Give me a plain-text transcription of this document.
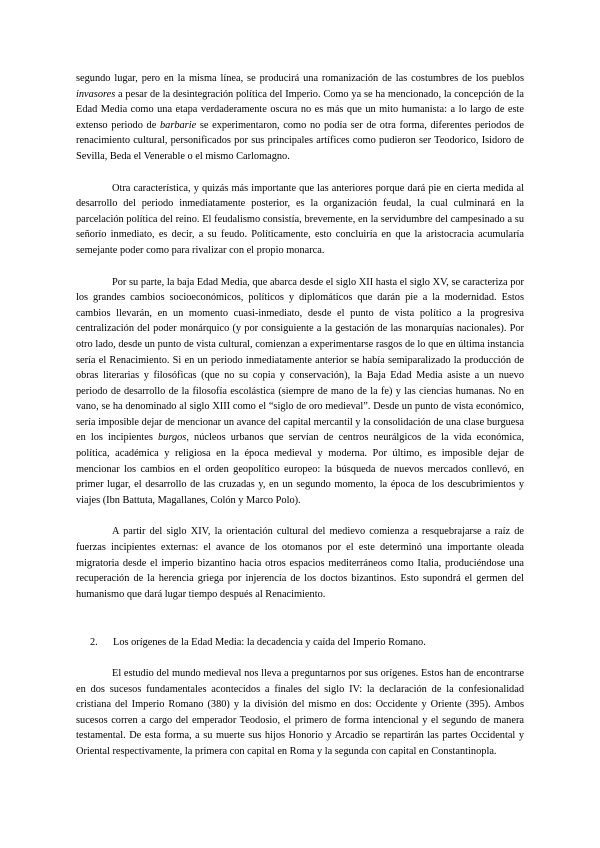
segundo lugar, pero en la misma línea, se producirá una romanización de las costumbres de los pueblos invasores a pesar de la desintegración política del Imperio. Como ya se ha mencionado, la concepción de la Edad Media como una etapa verdaderamente oscura no es más que un mito humanista: a lo largo de este extenso periodo de barbarie se experimentaron, como no podía ser de otra forma, diferentes periodos de renacimiento cultural, personificados por sus principales artífices como pudieron ser Teodorico, Isidoro de Sevilla, Beda el Venerable o el mismo Carlomagno.

Otra característica, y quizás más importante que las anteriores porque dará pie en cierta medida al desarrollo del periodo inmediatamente posterior, es la organización feudal, la cual culminará en la parcelación política del reino. El feudalismo consistía, brevemente, en la servidumbre del campesinado a su señorío inmediato, es decir, a su feudo. Políticamente, esto concluiría en que la aristocracia acumularía semejante poder como para rivalizar con el propio monarca.

Por su parte, la baja Edad Media, que abarca desde el siglo XII hasta el siglo XV, se caracteriza por los grandes cambios socioeconómicos, políticos y diplomáticos que darán pie a la modernidad. Estos cambios llevarán, en un momento cuasi-inmediato, desde el punto de vista político a la progresiva centralización del poder monárquico (y por consiguiente a la gestación de las monarquías nacionales). Por otro lado, desde un punto de vista cultural, comienzan a experimentarse rasgos de lo que en última instancia sería el Renacimiento. Si en un periodo inmediatamente anterior se había semiparalizado la producción de obras literarias y filosóficas (que no su copia y conservación), la Baja Edad Media asiste a un nuevo periodo de desarrollo de la filosofía escolástica (siempre de mano de la fe) y las ciencias humanas. No en vano, se ha denominado al siglo XIII como el “siglo de oro medieval”. Desde un punto de vista económico, sería imposible dejar de mencionar un avance del capital mercantil y la consolidación de una clase burguesa en los incipientes burgos, núcleos urbanos que servían de centros neurálgicos de la vida económica, política, académica y religiosa en la época medieval y moderna. Por último, es imposible dejar de mencionar los cambios en el orden geopolítico europeo: la búsqueda de nuevos mercados conllevó, en primer lugar, el desarrollo de las cruzadas y, en un segundo momento, la época de los descubrimientos y viajes (Ibn Battuta, Magallanes, Colón y Marco Polo).

A partir del siglo XIV, la orientación cultural del medievo comienza a resquebrajarse a raíz de fuerzas incipientes externas: el avance de los otomanos por el este determinó una importante oleada migratoria desde el imperio bizantino hacia otros espacios mediterráneos como Italia, produciéndose una recuperación de la herencia griega por injerencia de los doctos bizantinos. Esto supondrá el germen del humanismo que dará lugar tiempo después al Renacimiento.

2.	Los orígenes de la Edad Media: la decadencia y caída del Imperio Romano.

El estudio del mundo medieval nos lleva a preguntarnos por sus orígenes. Estos han de encontrarse en dos sucesos fundamentales acontecidos a finales del siglo IV: la declaración de la confesionalidad cristiana del Imperio Romano (380) y la división del mismo en dos: Occidente y Oriente (395). Ambos sucesos corren a cargo del emperador Teodosio, el primero de forma intencional y el segundo de manera testamental. De esta forma, a su muerte sus hijos Honorio y Arcadio se repartirán las partes Occidental y Oriental respectivamente, la primera con capital en Roma y la segunda con capital en Constantinopla.
